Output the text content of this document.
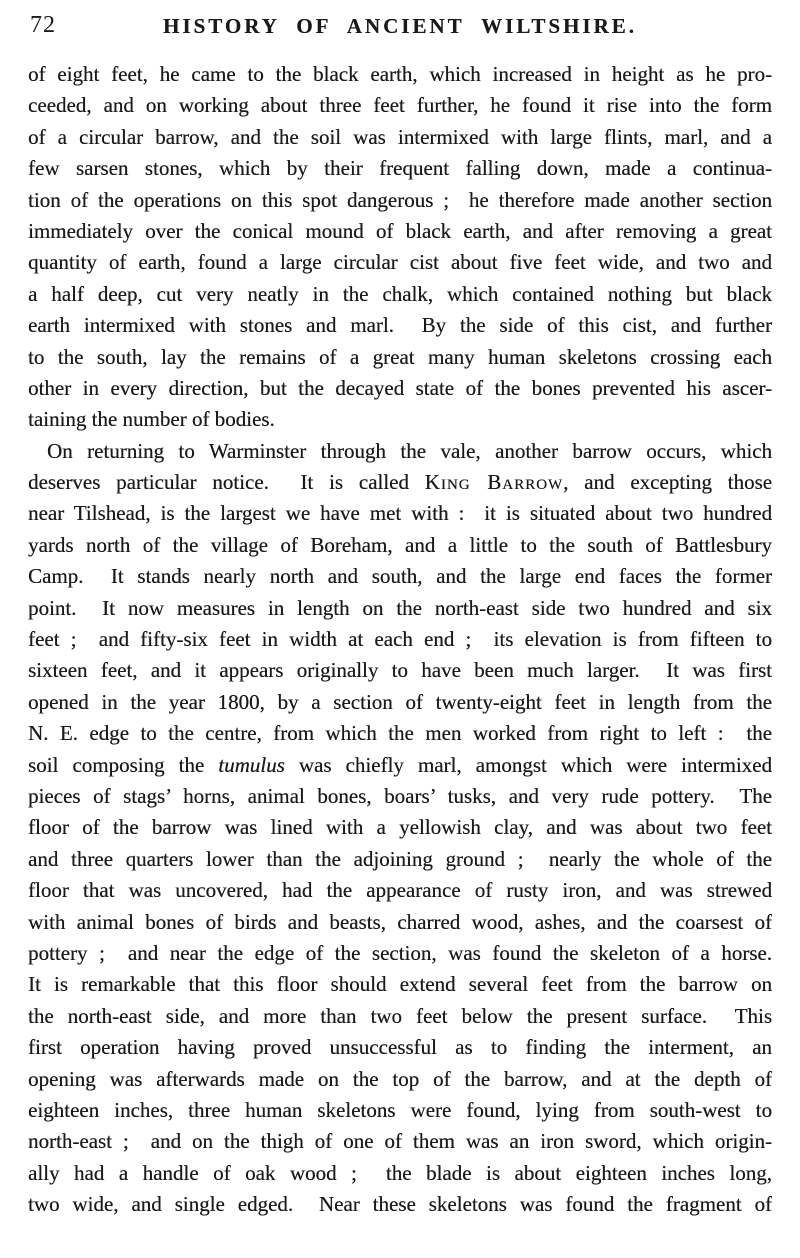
72	HISTORY OF ANCIENT WILTSHIRE.
of eight feet, he came to the black earth, which increased in height as he pro-
ceeded, and on working about three feet further, he found it rise into the form
of a circular barrow, and the soil was intermixed with large flints, marl, and a
few sarsen stones, which by their frequent falling down, made a continua-
tion of the operations on this spot dangerous ;  he therefore made another section
immediately over the conical mound of black earth, and after removing a great
quantity of earth, found a large circular cist about five feet wide, and two and
a half deep, cut very neatly in the chalk, which contained nothing but black
earth intermixed with stones and marl.  By the side of this cist, and further
to the south, lay the remains of a great many human skeletons crossing each
other in every direction, but the decayed state of the bones prevented his ascer-
taining the number of bodies.
On returning to Warminster through the vale, another barrow occurs, which
deserves particular notice.  It is called King Barrow, and excepting those
near Tilshead, is the largest we have met with :  it is situated about two hundred
yards north of the village of Boreham, and a little to the south of Battlesbury
Camp.  It stands nearly north and south, and the large end faces the former
point.  It now measures in length on the north-east side two hundred and six
feet ;  and fifty-six feet in width at each end ;  its elevation is from fifteen to
sixteen feet, and it appears originally to have been much larger.  It was first
opened in the year 1800, by a section of twenty-eight feet in length from the
N. E. edge to the centre, from which the men worked from right to left :  the
soil composing the tumulus was chiefly marl, amongst which were intermixed
pieces of stags’ horns, animal bones, boars’ tusks, and very rude pottery.  The
floor of the barrow was lined with a yellowish clay, and was about two feet
and three quarters lower than the adjoining ground ;  nearly the whole of the
floor that was uncovered, had the appearance of rusty iron, and was strewed
with animal bones of birds and beasts, charred wood, ashes, and the coarsest of
pottery ;  and near the edge of the section, was found the skeleton of a horse.
It is remarkable that this floor should extend several feet from the barrow on
the north-east side, and more than two feet below the present surface.  This
first operation having proved unsuccessful as to finding the interment, an
opening was afterwards made on the top of the barrow, and at the depth of
eighteen inches, three human skeletons were found, lying from south-west to
north-east ;  and on the thigh of one of them was an iron sword, which origin-
ally had a handle of oak wood ;  the blade is about eighteen inches long,
two wide, and single edged.  Near these skeletons was found the fragment of
